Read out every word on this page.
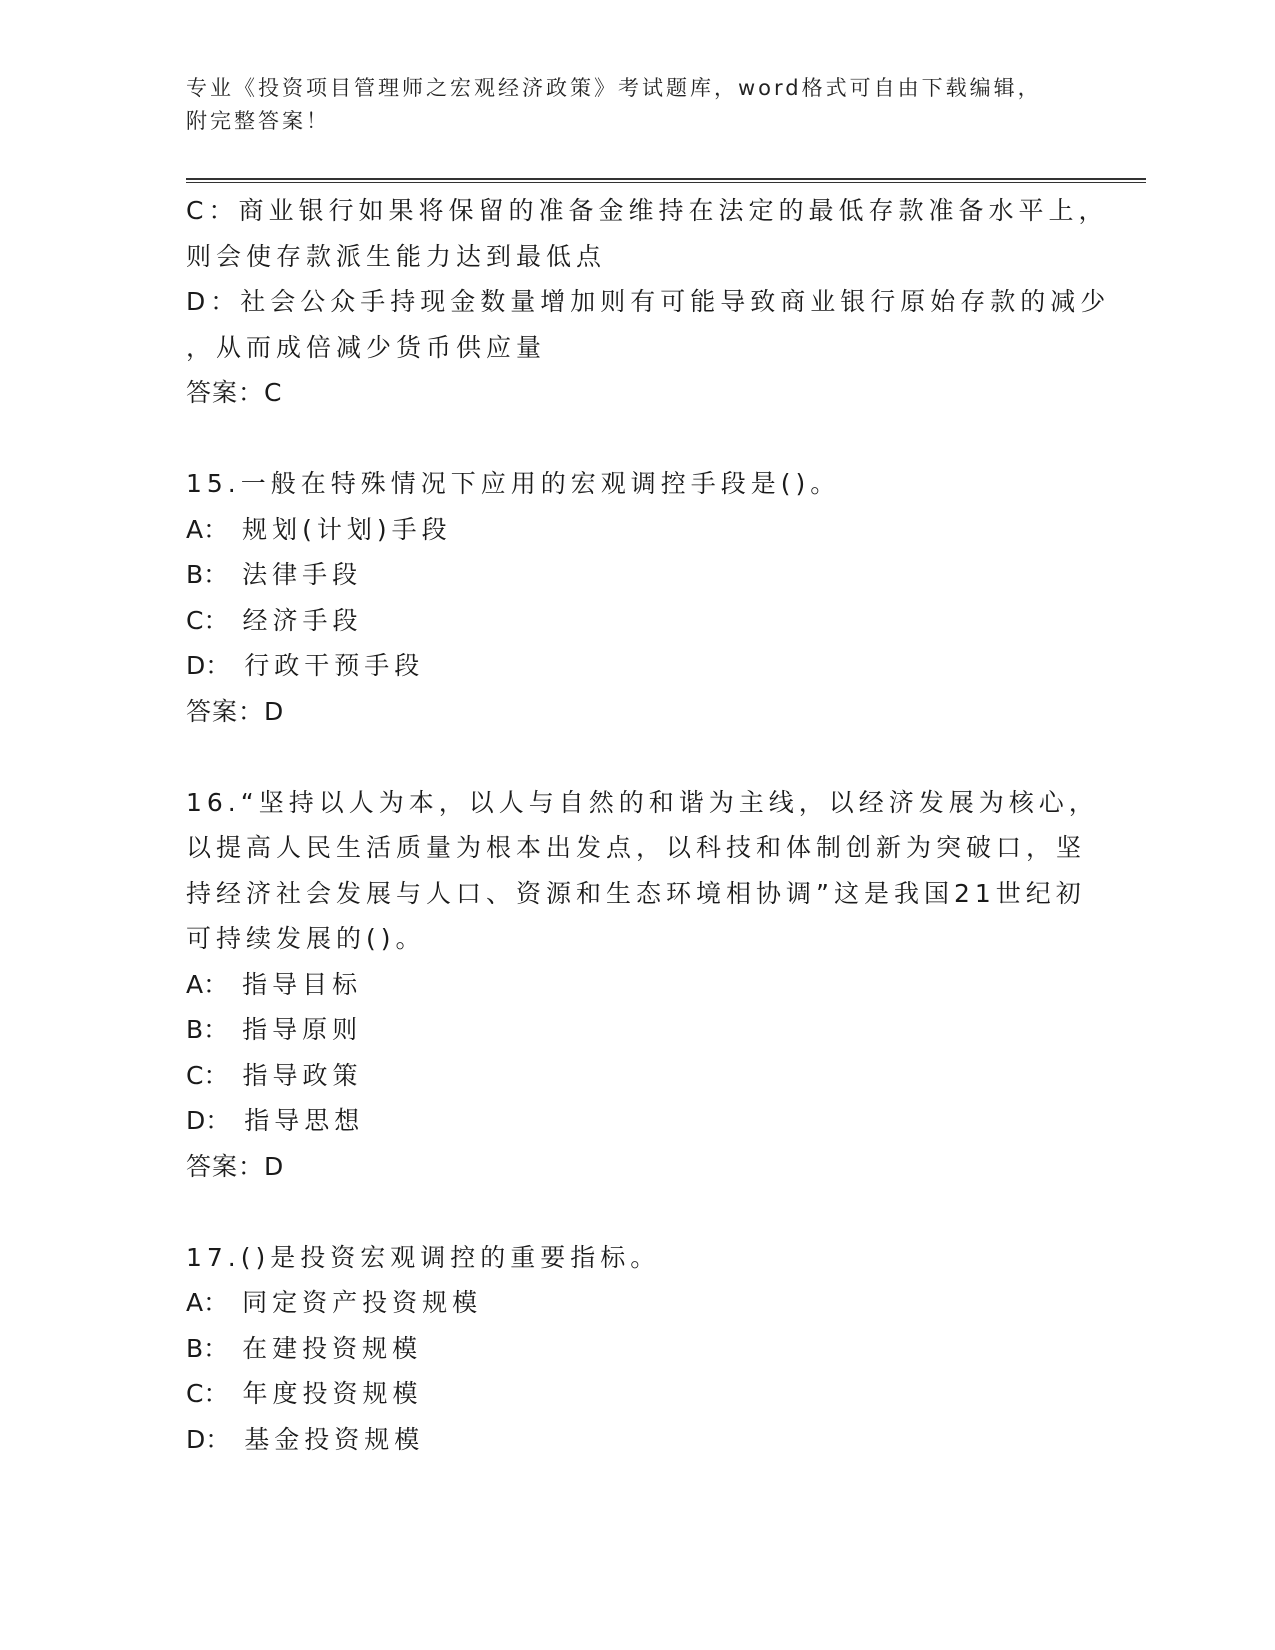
专业《投资项目管理师之宏观经济政策》考试题库，word格式可自由下载编辑，
附完整答案！
C：商业银行如果将保留的准备金维持在法定的最低存款准备水平上，
则会使存款派生能力达到最低点
D：社会公众手持现金数量增加则有可能导致商业银行原始存款的减少
，从而成倍减少货币供应量
答案：C
15.一般在特殊情况下应用的宏观调控手段是()。
A： 规划(计划)手段
B： 法律手段
C： 经济手段
D： 行政干预手段
答案：D
16.“坚持以人为本，以人与自然的和谐为主线，以经济发展为核心，
以提高人民生活质量为根本出发点，以科技和体制创新为突破口，坚
持经济社会发展与人口、资源和生态环境相协调”这是我国21世纪初
可持续发展的()。
A： 指导目标
B： 指导原则
C： 指导政策
D： 指导思想
答案：D
17.()是投资宏观调控的重要指标。
A： 同定资产投资规模
B： 在建投资规模
C： 年度投资规模
D： 基金投资规模
